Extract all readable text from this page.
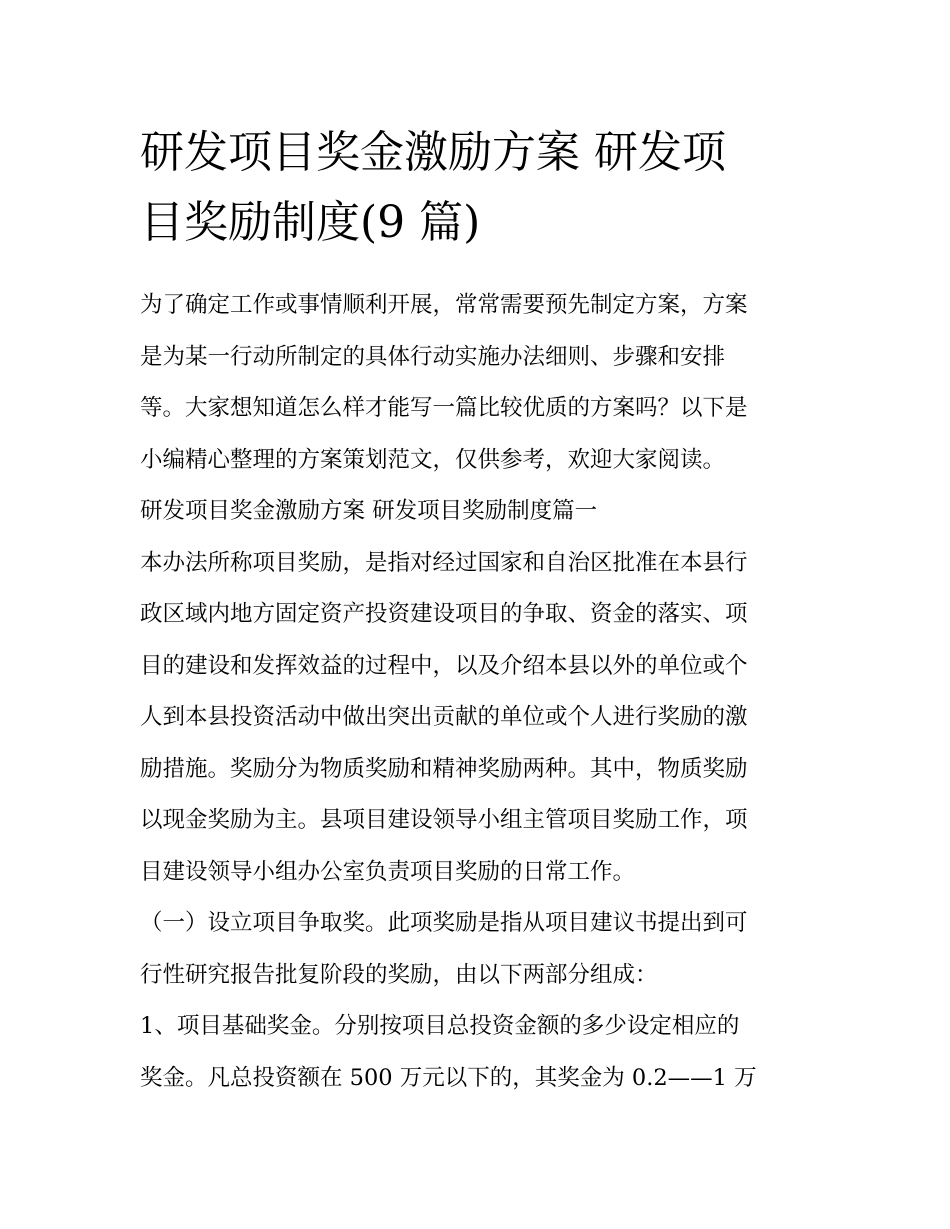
研发项目奖金激励方案 研发项
目奖励制度(9 篇)
为了确定工作或事情顺利开展，常常需要预先制定方案，方案
是为某一行动所制定的具体行动实施办法细则、步骤和安排
等。大家想知道怎么样才能写一篇比较优质的方案吗？以下是
小编精心整理的方案策划范文，仅供参考，欢迎大家阅读。
研发项目奖金激励方案 研发项目奖励制度篇一
本办法所称项目奖励，是指对经过国家和自治区批准在本县行
政区域内地方固定资产投资建设项目的争取、资金的落实、项
目的建设和发挥效益的过程中，以及介绍本县以外的单位或个
人到本县投资活动中做出突出贡献的单位或个人进行奖励的激
励措施。奖励分为物质奖励和精神奖励两种。其中，物质奖励
以现金奖励为主。县项目建设领导小组主管项目奖励工作，项
目建设领导小组办公室负责项目奖励的日常工作。
（一）设立项目争取奖。此项奖励是指从项目建议书提出到可
行性研究报告批复阶段的奖励，由以下两部分组成：
1、项目基础奖金。分别按项目总投资金额的多少设定相应的
奖金。凡总投资额在 500 万元以下的，其奖金为 0.2——1 万
